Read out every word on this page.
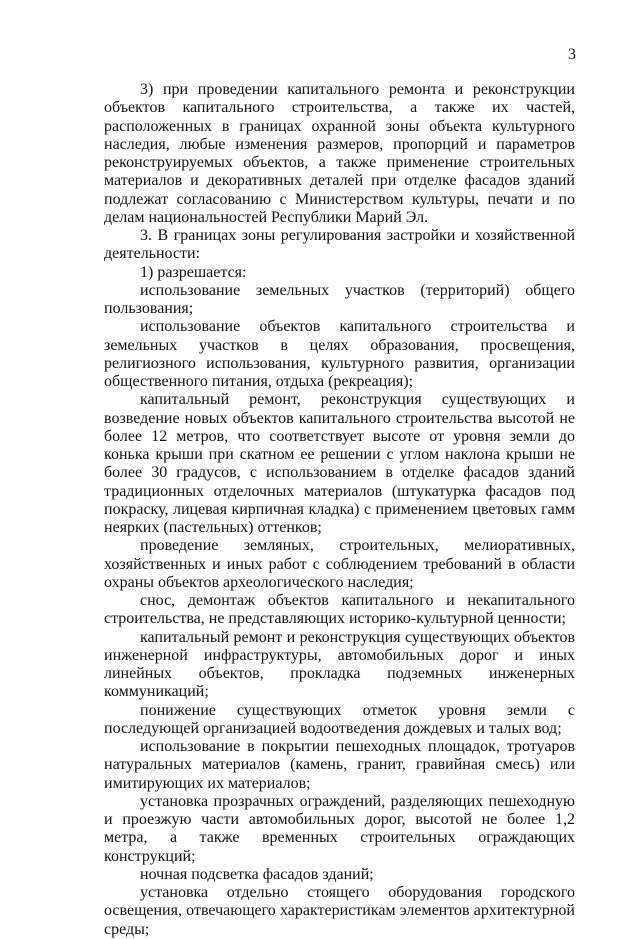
3

3) при проведении капитального ремонта и реконструкции объектов капитального строительства, а также их частей, расположенных в границах охранной зоны объекта культурного наследия, любые изменения размеров, пропорций и параметров реконструируемых объектов, а также применение строительных материалов и декоративных деталей при отделке фасадов зданий подлежат согласованию с Министерством культуры, печати и по делам национальностей Республики Марий Эл.

3. В границах зоны регулирования застройки и хозяйственной деятельности:

1) разрешается:

использование земельных участков (территорий) общего пользования;

использование объектов капитального строительства и земельных участков в целях образования, просвещения, религиозного использования, культурного развития, организации общественного питания, отдыха (рекреация);

капитальный ремонт, реконструкция существующих и возведение новых объектов капитального строительства высотой не более 12 метров, что соответствует высоте от уровня земли до конька крыши при скатном ее решении с углом наклона крыши не более 30 градусов, с использованием в отделке фасадов зданий традиционных отделочных материалов (штукатурка фасадов под покраску, лицевая кирпичная кладка) с применением цветовых гамм неярких (пастельных) оттенков;

проведение земляных, строительных, мелиоративных, хозяйственных и иных работ с соблюдением требований в области охраны объектов археологического наследия;

снос, демонтаж объектов капитального и некапитального строительства, не представляющих историко-культурной ценности;

капитальный ремонт и реконструкция существующих объектов инженерной инфраструктуры, автомобильных дорог и иных линейных объектов, прокладка подземных инженерных коммуникаций;

понижение существующих отметок уровня земли с последующей организацией водоотведения дождевых и талых вод;

использование в покрытии пешеходных площадок, тротуаров натуральных материалов (камень, гранит, гравийная смесь) или имитирующих их материалов;

установка прозрачных ограждений, разделяющих пешеходную и проезжую части автомобильных дорог, высотой не более 1,2 метра, а также временных строительных ограждающих конструкций;

ночная подсветка фасадов зданий;

установка отдельно стоящего оборудования городского освещения, отвечающего характеристикам элементов архитектурной среды;
